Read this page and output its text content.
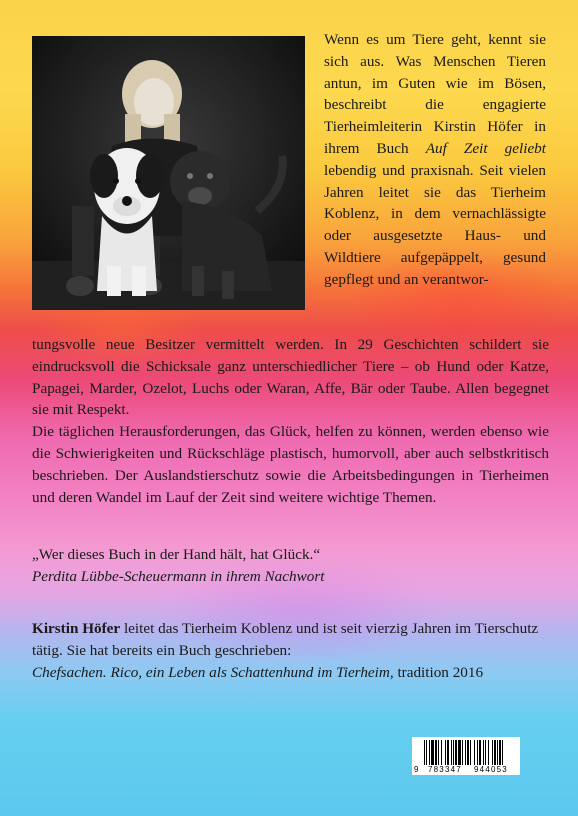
Wenn es um Tiere geht, kennt sie sich aus. Was Menschen Tieren antun, im Guten wie im Bösen, beschreibt die engagierte Tierheimleiterin Kirstin Höfer in ihrem Buch Auf Zeit geliebt lebendig und praxisnah. Seit vielen Jahren leitet sie das Tierheim Koblenz, in dem vernachlässigte oder ausgesetzte Haus- und Wildtiere aufgepäppelt, gesund gepflegt und an verantwor-

tungsvolle neue Besitzer vermittelt werden. In 29 Geschichten schildert sie eindrucksvoll die Schicksale ganz unterschiedlicher Tiere – ob Hund oder Katze, Papagei, Marder, Ozelot, Luchs oder Waran, Affe, Bär oder Taube. Allen begegnet sie mit Respekt.

Die täglichen Herausforderungen, das Glück, helfen zu können, werden ebenso wie die Schwierigkeiten und Rückschläge plastisch, humorvoll, aber auch selbstkritisch beschrieben. Der Auslandstierschutz sowie die Arbeitsbedingungen in Tierheimen und deren Wandel im Lauf der Zeit sind weitere wichtige Themen.

„Wer dieses Buch in der Hand hält, hat Glück.“

Perdita Lübbe-Scheuermann in ihrem Nachwort

Kirstin Höfer leitet das Tierheim Koblenz und ist seit vierzig Jahren im Tierschutz tätig. Sie hat bereits ein Buch geschrieben:

Chefsachen. Rico, ein Leben als Schattenhund im Tierheim, tradition 2016

9 783347 944053
